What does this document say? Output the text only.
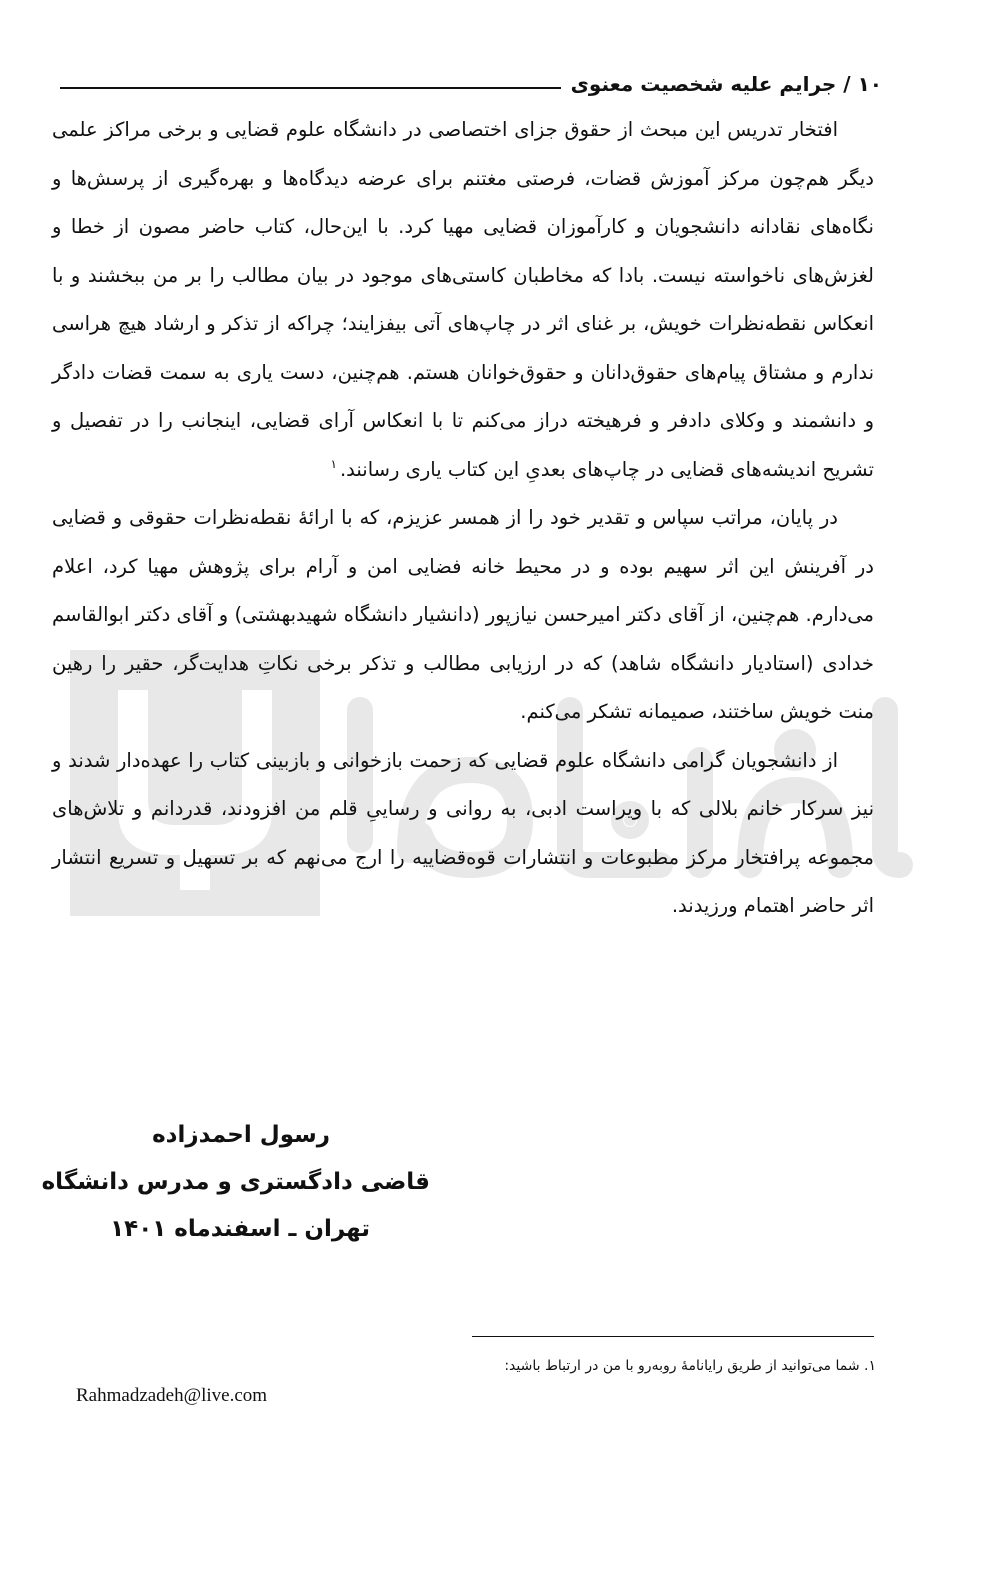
۱۰ / جرایم علیه شخصیت معنوی

افتخار تدریس این مبحث از حقوق جزای اختصاصی در دانشگاه علوم قضایی و برخی مراکز علمی دیگر هم‌چون مرکز آموزش قضات، فرصتی مغتنم برای عرضه دیدگاه‌ها و بهره‌گیری از پرسش‌ها و نگاه‌های نقادانه دانشجویان و کارآموزان قضایی مهیا کرد. با این‌حال، کتاب حاضر مصون از خطا و لغزش‌های ناخواسته نیست. بادا که مخاطبان کاستی‌های موجود در بیان مطالب را بر من ببخشند و با انعکاس نقطه‌نظرات خویش، بر غنای اثر در چاپ‌های آتی بیفزایند؛ چراکه از تذکر و ارشاد هیچ هراسی ندارم و مشتاق پیام‌های حقوق‌دانان و حقوق‌خوانان هستم. هم‌چنین، دست یاری به سمت قضات دادگر و دانشمند و وکلای دادفر و فرهیخته دراز می‌کنم تا با انعکاس آرای قضایی، اینجانب را در تفصیل و تشریح اندیشه‌های قضایی در چاپ‌های بعدیِ این کتاب یاری رسانند.$^۱$

در پایان، مراتب سپاس و تقدیر خود را از همسر عزیزم، که با ارائهٔ نقطه‌نظرات حقوقی و قضایی در آفرینش این اثر سهیم بوده و در محیط خانه فضایی امن و آرام برای پژوهش مهیا کرد، اعلام می‌دارم. هم‌چنین، از آقای دکتر امیرحسن نیازپور (دانشیار دانشگاه شهیدبهشتی) و آقای دکتر ابوالقاسم خدادی (استادیار دانشگاه شاهد) که در ارزیابی مطالب و تذکر برخی نکاتِ هدایت‌گر، حقیر را رهین منت خویش ساختند، صمیمانه تشکر می‌کنم.

از دانشجویان گرامی دانشگاه علوم قضایی که زحمت بازخوانی و بازبینی کتاب را عهده‌دار شدند و نیز سرکار خانم بلالی که با ویراست ادبی، به روانی و رساییِ قلم من افزودند، قدردانم و تلاش‌های مجموعه پرافتخار مرکز مطبوعات و انتشارات قوه‌قضاییه را ارج می‌نهم که بر تسهیل و تسریع انتشار اثر حاضر اهتمام ورزیدند.

رسول احمدزاده
قاضی دادگستری و مدرس دانشگاه
تهران ـ اسفندماه ۱۴۰۱
۱. شما می‌توانید از طریق رایانامهٔ روبه‌رو با من در ارتباط باشید:
Rahmadzadeh@live.com
